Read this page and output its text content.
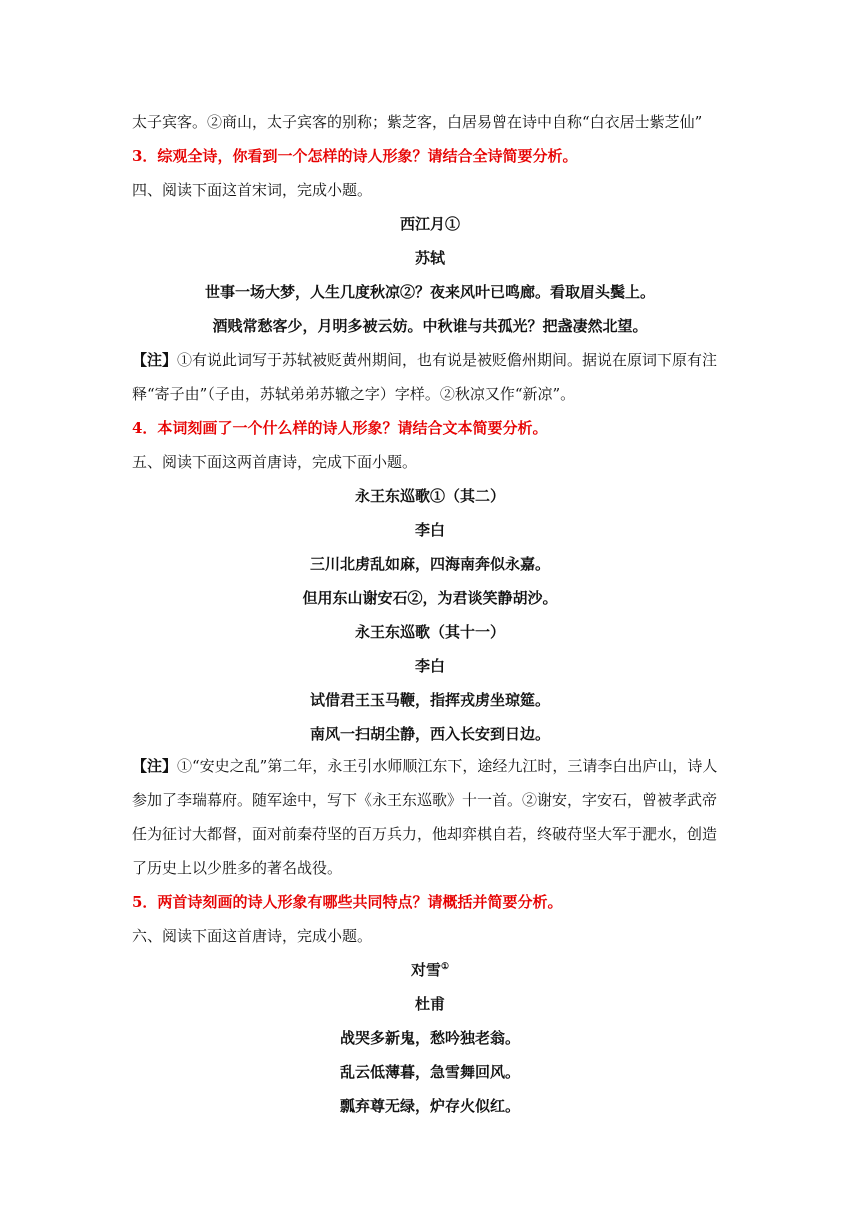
太子宾客。②商山，太子宾客的别称；紫芝客，白居易曾在诗中自称“白衣居士紫芝仙”
3．综观全诗，你看到一个怎样的诗人形象？请结合全诗简要分析。
四、阅读下面这首宋词，完成小题。
西江月①
苏轼
世事一场大梦，人生几度秋凉②？夜来风叶已鸣廊。看取眉头鬓上。
酒贱常愁客少，月明多被云妨。中秋谁与共孤光？把盏凄然北望。
【注】①有说此词写于苏轼被贬黄州期间，也有说是被贬儋州期间。据说在原词下原有注
释“寄子由”（子由，苏轼弟弟苏辙之字）字样。②秋凉又作“新凉”。
4．本词刻画了一个什么样的诗人形象？请结合文本简要分析。
五、阅读下面这两首唐诗，完成下面小题。
永王东巡歌①（其二）
李白
三川北虏乱如麻，四海南奔似永嘉。
但用东山谢安石②，为君谈笑静胡沙。
永王东巡歌（其十一）
李白
试借君王玉马鞭，指挥戎虏坐琼筵。
南风一扫胡尘静，西入长安到日边。
【注】①“安史之乱”第二年，永王引水师顺江东下，途经九江时，三请李白出庐山，诗人
参加了李瑞幕府。随军途中，写下《永王东巡歌》十一首。②谢安，字安石，曾被孝武帝
任为征讨大都督，面对前秦苻坚的百万兵力，他却弈棋自若，终破苻坚大军于淝水，创造
了历史上以少胜多的著名战役。
5．两首诗刻画的诗人形象有哪些共同特点？请概括并简要分析。
六、阅读下面这首唐诗，完成小题。
对雪①
杜甫
战哭多新鬼，愁吟独老翁。
乱云低薄暮，急雪舞回风。
瓢弃尊无绿，炉存火似红。
